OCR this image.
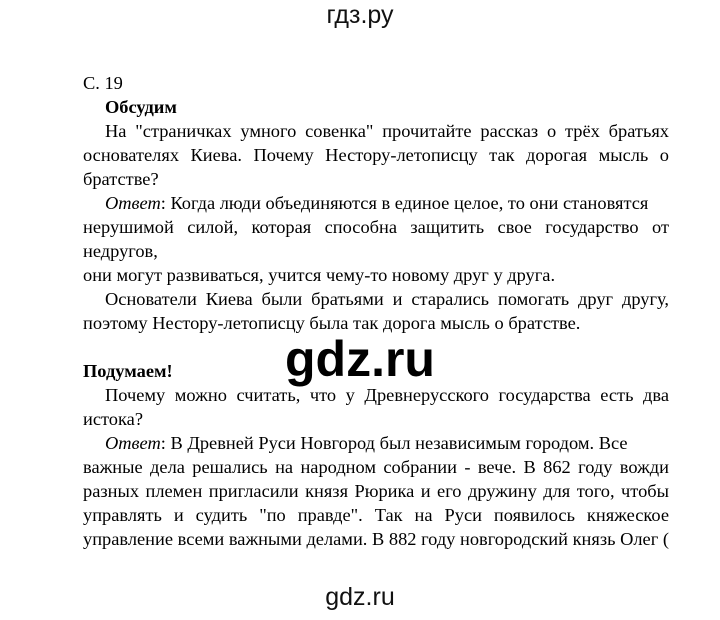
гдз.ру
С. 19
Обсудим
На "страничках умного совенка" прочитайте рассказ о трёх братьях
основателях Киева. Почему Нестору-летописцу так дорогая мысль о
братстве?
Ответ: Когда люди объединяются в единое целое, то они становятся
нерушимой силой, которая способна защитить свое государство от недругов,
они могут развиваться, учится чему-то новому друг у друга.
Основатели Киева были братьями и старались помогать друг другу,
поэтому Нестору-летописцу была так дорога мысль о братстве.
Подумаем!
Почему можно считать, что у Древнерусского государства есть два
истока?
Ответ: В Древней Руси Новгород был независимым городом. Все
важные дела решались на народном собрании - вече. В 862 году вожди
разных племен пригласили князя Рюрика и его дружину для того, чтобы
управлять и судить "по правде". Так на Руси появилось княжеское
управление всеми важными делами. В 882 году новгородский князь Олег (
gdz.ru
gdz.ru
